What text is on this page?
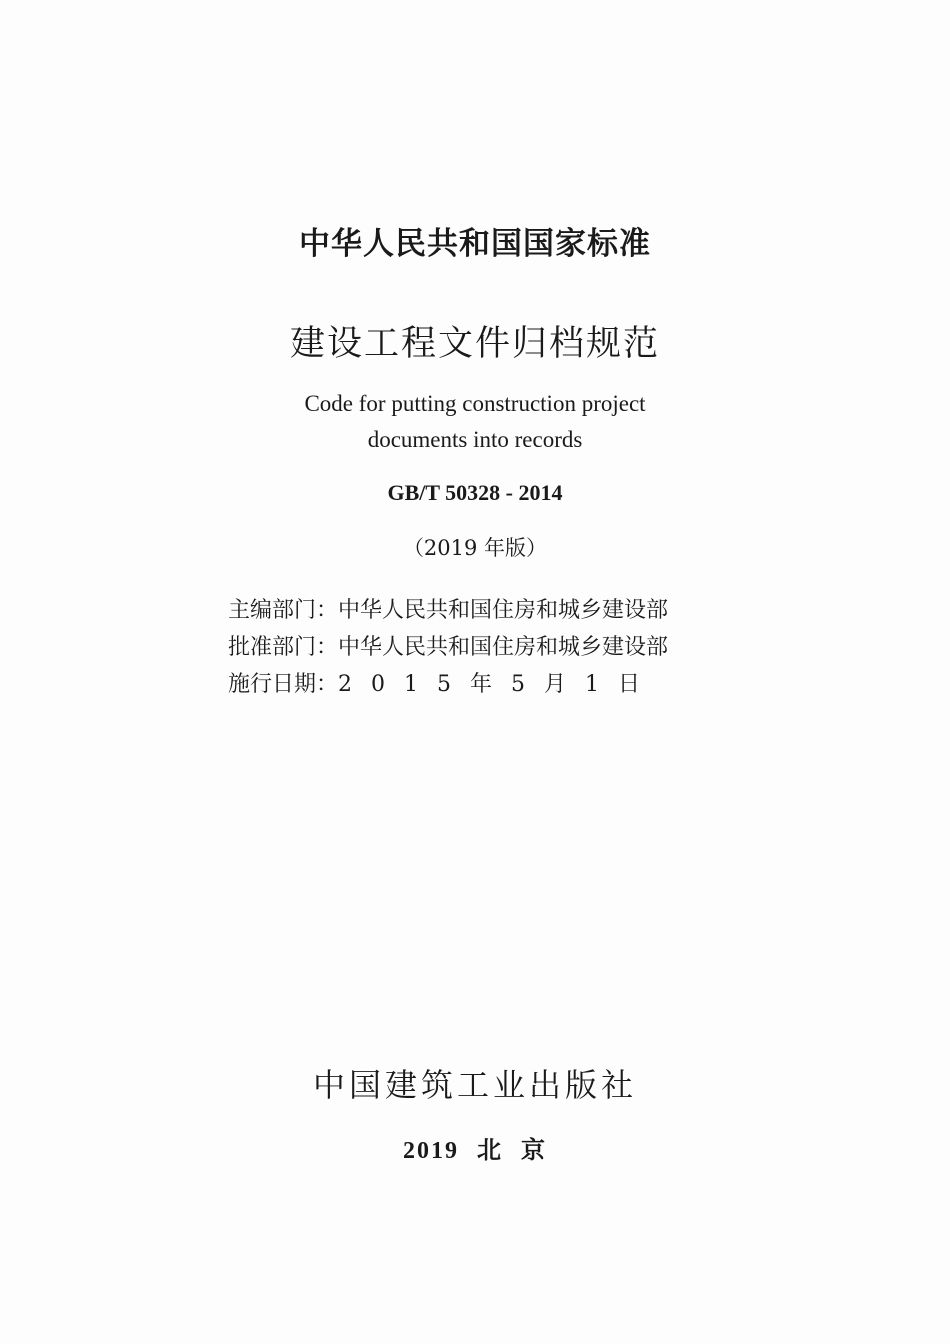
中华人民共和国国家标准
建设工程文件归档规范
Code for putting construction project
documents into records
GB/T 50328 - 2014
（2019 年版）
主编部门：中华人民共和国住房和城乡建设部
批准部门：中华人民共和国住房和城乡建设部
施行日期：2015年5月1日
中国建筑工业出版社
2019 北 京
